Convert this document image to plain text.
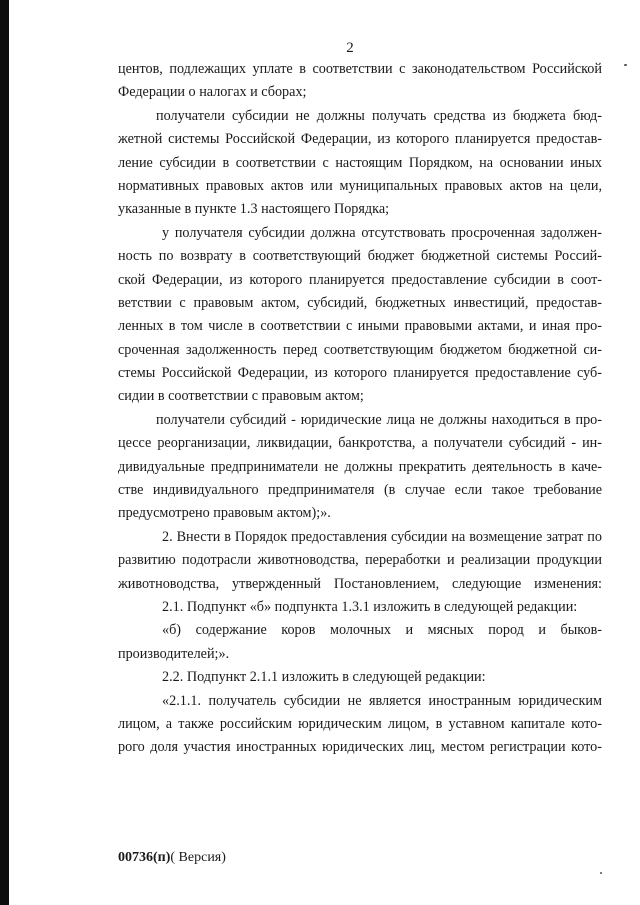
2
центов, подлежащих уплате в соответствии с законодательством Российской
Федерации о налогах и сборах;
получатели субсидии не должны получать средства из бюджета бюд-
жетной системы Российской Федерации, из которого планируется предостав-
ление субсидии в соответствии с настоящим Порядком, на основании иных
нормативных правовых актов или муниципальных правовых актов на цели,
указанные в пункте 1.3 настоящего Порядка;
у получателя субсидии должна отсутствовать просроченная задолжен-
ность по возврату в соответствующий бюджет бюджетной системы Россий-
ской Федерации, из которого планируется предоставление субсидии в соот-
ветствии с правовым актом, субсидий, бюджетных инвестиций, предостав-
ленных в том числе в соответствии с иными правовыми актами, и иная про-
сроченная задолженность перед соответствующим бюджетом бюджетной си-
стемы Российской Федерации, из которого планируется предоставление суб-
сидии в соответствии с правовым актом;
получатели субсидий - юридические лица не должны находиться в про-
цессе реорганизации, ликвидации, банкротства, а получатели субсидий - ин-
дивидуальные предприниматели не должны прекратить деятельность в каче-
стве индивидуального предпринимателя (в случае если такое требование
предусмотрено правовым актом);».
2. Внести в Порядок предоставления субсидии на возмещение затрат по
развитию подотрасли животноводства, переработки и реализации продукции
животноводства, утвержденный Постановлением, следующие изменения:
2.1. Подпункт «б» подпункта 1.3.1 изложить в следующей редакции:
«б) содержание коров молочных и мясных пород и быков-
производителей;».
2.2. Подпункт 2.1.1 изложить в следующей редакции:
«2.1.1. получатель субсидии не является иностранным юридическим
лицом, а также российским юридическим лицом, в уставном капитале кото-
рого доля участия иностранных юридических лиц, местом регистрации кото-
00736(п)( Версия)
